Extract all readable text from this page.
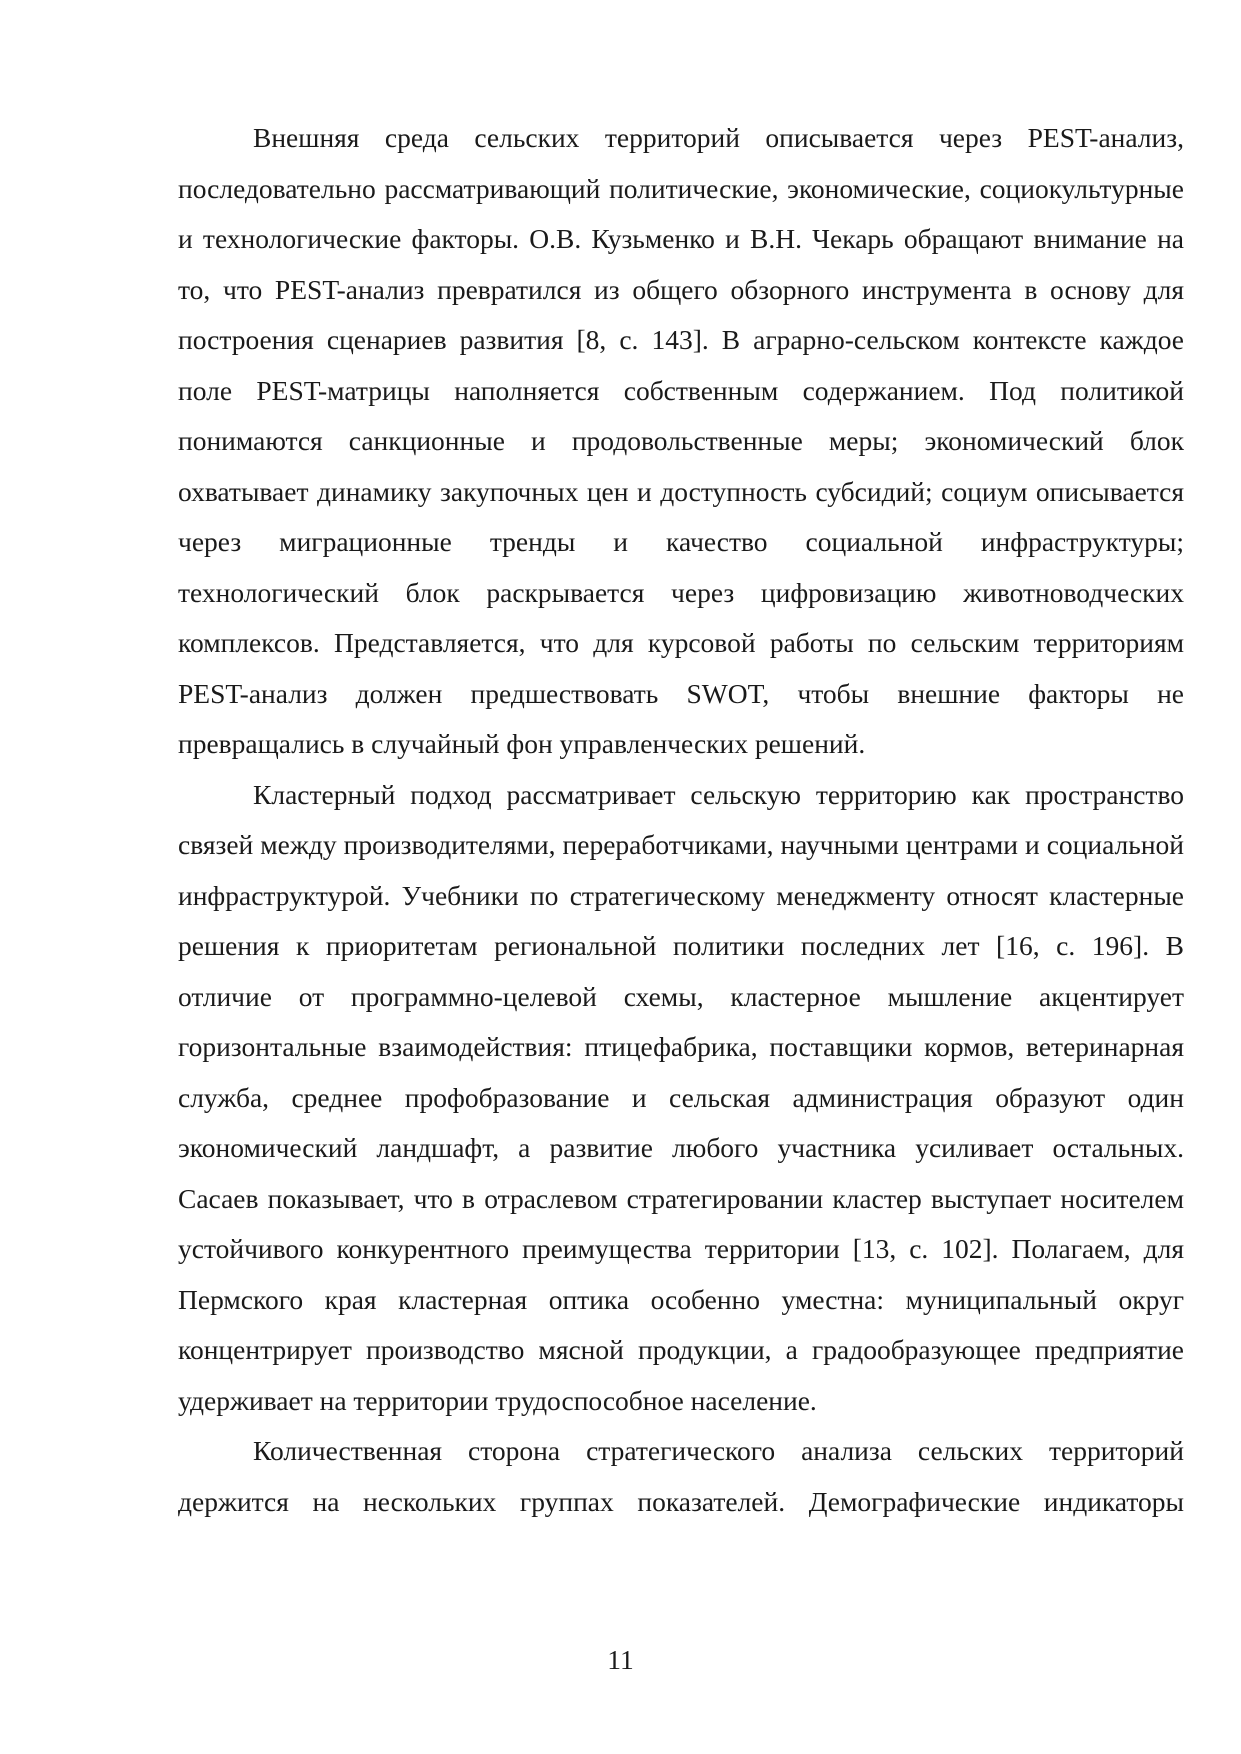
Внешняя среда сельских территорий описывается через PEST-анализ, последовательно рассматривающий политические, экономические, социокультурные и технологические факторы. О.В. Кузьменко и В.Н. Чекарь обращают внимание на то, что PEST-анализ превратился из общего обзорного инструмента в основу для построения сценариев развития [8, с. 143]. В аграрно-сельском контексте каждое поле PEST-матрицы наполняется собственным содержанием. Под политикой понимаются санкционные и продовольственные меры; экономический блок охватывает динамику закупочных цен и доступность субсидий; социум описывается через миграционные тренды и качество социальной инфраструктуры; технологический блок раскрывается через цифровизацию животноводческих комплексов. Представляется, что для курсовой работы по сельским территориям PEST-анализ должен предшествовать SWOT, чтобы внешние факторы не превращались в случайный фон управленческих решений.

Кластерный подход рассматривает сельскую территорию как пространство связей между производителями, переработчиками, научными центрами и социальной инфраструктурой. Учебники по стратегическому менеджменту относят кластерные решения к приоритетам региональной политики последних лет [16, с. 196]. В отличие от программно-целевой схемы, кластерное мышление акцентирует горизонтальные взаимодействия: птицефабрика, поставщики кормов, ветеринарная служба, среднее профобразование и сельская администрация образуют один экономический ландшафт, а развитие любого участника усиливает остальных. Сасаев показывает, что в отраслевом стратегировании кластер выступает носителем устойчивого конкурентного преимущества территории [13, с. 102]. Полагаем, для Пермского края кластерная оптика особенно уместна: муниципальный округ концентрирует производство мясной продукции, а градообразующее предприятие удерживает на территории трудоспособное население.

Количественная сторона стратегического анализа сельских территорий держится на нескольких группах показателей. Демографические индикаторы

11
